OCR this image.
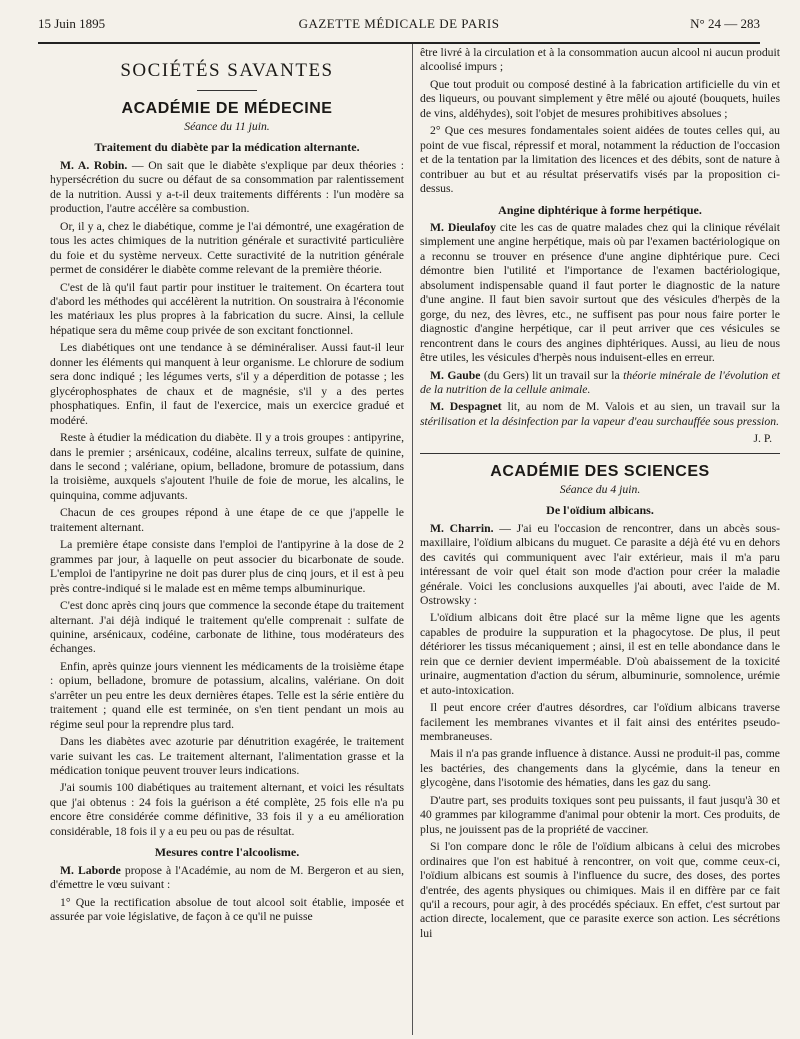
15 Juin 1895	GAZETTE MÉDICALE DE PARIS	N° 24 — 283
SOCIÉTÉS SAVANTES
ACADÉMIE DE MÉDECINE
Séance du 11 juin.
Traitement du diabète par la médication alternante.

M. A. Robin. — On sait que le diabète s'explique par deux théories : hypersécrétion du sucre ou défaut de sa consommation par ralentissement de la nutrition. Aussi y a-t-il deux traitements différents : l'un modère sa production, l'autre accélère sa combustion.

Or, il y a, chez le diabétique, comme je l'ai démontré, une exagération de tous les actes chimiques de la nutrition générale et suractivité particulière du foie et du système nerveux. Cette suractivité de la nutrition générale permet de considérer le diabète comme relevant de la première théorie.

C'est de là qu'il faut partir pour instituer le traitement. On écartera tout d'abord les méthodes qui accélèrent la nutrition. On soustraira à l'économie les matériaux les plus propres à la fabrication du sucre. Ainsi, la cellule hépatique sera du même coup privée de son excitant fonctionnel.

Les diabétiques ont une tendance à se déminéraliser. Aussi faut-il leur donner les éléments qui manquent à leur organisme. Le chlorure de sodium sera donc indiqué ; les légumes verts, s'il y a déperdition de potasse ; les glycérophosphates de chaux et de magnésie, s'il y a des pertes phosphatiques. Enfin, il faut de l'exercice, mais un exercice gradué et modéré.

Reste à étudier la médication du diabète. Il y a trois groupes : antipyrine, dans le premier ; arsénicaux, codéine, alcalins terreux, sulfate de quinine, dans le second ; valériane, opium, belladone, bromure de potassium, dans la troisième, auxquels s'ajoutent l'huile de foie de morue, les alcalins, le quinquina, comme adjuvants.

Chacun de ces groupes répond à une étape de ce que j'appelle le traitement alternant.

La première étape consiste dans l'emploi de l'antipyrine à la dose de 2 grammes par jour, à laquelle on peut associer du bicarbonate de soude. L'emploi de l'antipyrine ne doit pas durer plus de cinq jours, et il est à peu près contre-indiqué si le malade est en même temps albuminurique.

C'est donc après cinq jours que commence la seconde étape du traitement alternant. J'ai déjà indiqué le traitement qu'elle comprenait : sulfate de quinine, arsénicaux, codéine, carbonate de lithine, tous modérateurs des échanges.

Enfin, après quinze jours viennent les médicaments de la troisième étape : opium, belladone, bromure de potassium, alcalins, valériane. On doit s'arrêter un peu entre les deux dernières étapes. Telle est la série entière du traitement ; quand elle est terminée, on s'en tient pendant un mois au régime seul pour la reprendre plus tard.

Dans les diabètes avec azoturie par dénutrition exagérée, le traitement varie suivant les cas. Le traitement alternant, l'alimentation grasse et la médication tonique peuvent trouver leurs indications.

J'ai soumis 100 diabétiques au traitement alternant, et voici les résultats que j'ai obtenus : 24 fois la guérison a été complète, 25 fois elle n'a pu encore être considérée comme définitive, 33 fois il y a eu amélioration considérable, 18 fois il y a eu peu ou pas de résultat.

Mesures contre l'alcoolisme.

M. Laborde propose à l'Académie, au nom de M. Bergeron et au sien, d'émettre le vœu suivant :

1° Que la rectification absolue de tout alcool soit établie, imposée et assurée par voie législative, de façon à ce qu'il ne puisse

être livré à la circulation et à la consommation aucun alcool ni aucun produit alcoolisé impurs ;

Que tout produit ou composé destiné à la fabrication artificielle du vin et des liqueurs, ou pouvant simplement y être mêlé ou ajouté (bouquets, huiles de vins, aldéhydes), soit l'objet de mesures prohibitives absolues ;

2° Que ces mesures fondamentales soient aidées de toutes celles qui, au point de vue fiscal, répressif et moral, notamment la réduction de l'occasion et de la tentation par la limitation des licences et des débits, sont de nature à contribuer au but et au résultat préservatifs visés par la proposition ci-dessus.

Angine diphtérique à forme herpétique.

M. Dieulafoy cite les cas de quatre malades chez qui la clinique révélait simplement une angine herpétique, mais où par l'examen bactériologique on a reconnu se trouver en présence d'une angine diphtérique pure. Ceci démontre bien l'utilité et l'importance de l'examen bactériologique, absolument indispensable quand il faut porter le diagnostic de la nature d'une angine. Il faut bien savoir surtout que des vésicules d'herpès de la gorge, du nez, des lèvres, etc., ne suffisent pas pour nous faire porter le diagnostic d'angine herpétique, car il peut arriver que ces vésicules se rencontrent dans le cours des angines diphtériques. Aussi, au lieu de nous être utiles, les vésicules d'herpès nous induisent-elles en erreur.

M. Gaube (du Gers) lit un travail sur la théorie minérale de l'évolution et de la nutrition de la cellule animale.

M. Despagnet lit, au nom de M. Valois et au sien, un travail sur la stérilisation et la désinfection par la vapeur d'eau surchauffée sous pression.

J. P.
ACADÉMIE DES SCIENCES
Séance du 4 juin.
De l'oïdium albicans.

M. Charrin. — J'ai eu l'occasion de rencontrer, dans un abcès sous-maxillaire, l'oïdium albicans du muguet. Ce parasite a déjà été vu en dehors des cavités qui communiquent avec l'air extérieur, mais il m'a paru intéressant de voir quel était son mode d'action pour créer la maladie générale. Voici les conclusions auxquelles j'ai abouti, avec l'aide de M. Ostrowsky :

L'oïdium albicans doit être placé sur la même ligne que les agents capables de produire la suppuration et la phagocytose. De plus, il peut détériorer les tissus mécaniquement ; ainsi, il est en telle abondance dans le rein que ce dernier devient imperméable. D'où abaissement de la toxicité urinaire, augmentation d'action du sérum, albuminurie, somnolence, urémie et auto-intoxication.

Il peut encore créer d'autres désordres, car l'oïdium albicans traverse facilement les membranes vivantes et il fait ainsi des entérites pseudo-membraneuses.

Mais il n'a pas grande influence à distance. Aussi ne produit-il pas, comme les bactéries, des changements dans la glycémie, dans la teneur en glycogène, dans l'isotomie des hématies, dans les gaz du sang.

D'autre part, ses produits toxiques sont peu puissants, il faut jusqu'à 30 et 40 grammes par kilogramme d'animal pour obtenir la mort. Ces produits, de plus, ne jouissent pas de la propriété de vacciner.

Si l'on compare donc le rôle de l'oïdium albicans à celui des microbes ordinaires que l'on est habitué à rencontrer, on voit que, comme ceux-ci, l'oïdium albicans est soumis à l'influence du sucre, des doses, des portes d'entrée, des agents physiques ou chimiques. Mais il en diffère par ce fait qu'il a recours, pour agir, à des procédés spéciaux. En effet, c'est surtout par action directe, localement, que ce parasite exerce son action. Les sécrétions lui
